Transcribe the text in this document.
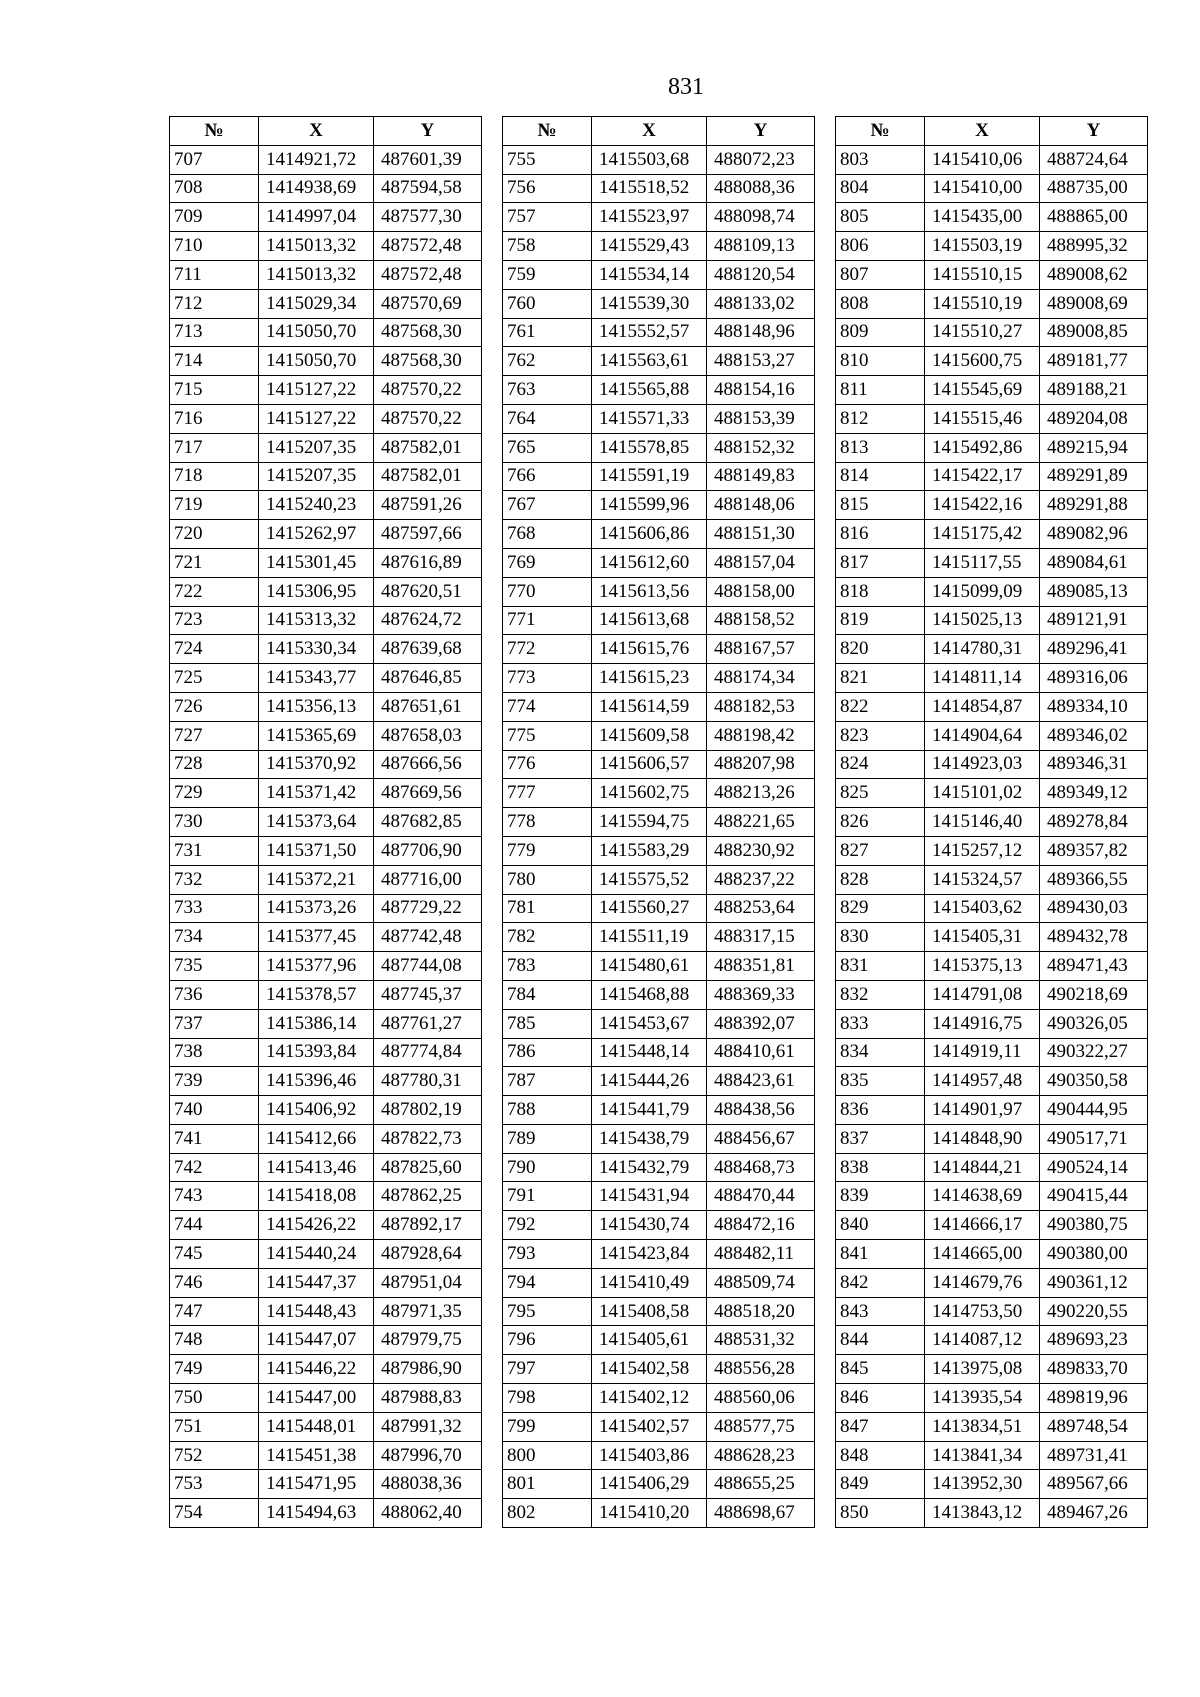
831
№	X	Y
707	1414921,72	487601,39
708	1414938,69	487594,58
709	1414997,04	487577,30
710	1415013,32	487572,48
711	1415013,32	487572,48
712	1415029,34	487570,69
713	1415050,70	487568,30
714	1415050,70	487568,30
715	1415127,22	487570,22
716	1415127,22	487570,22
717	1415207,35	487582,01
718	1415207,35	487582,01
719	1415240,23	487591,26
720	1415262,97	487597,66
721	1415301,45	487616,89
722	1415306,95	487620,51
723	1415313,32	487624,72
724	1415330,34	487639,68
725	1415343,77	487646,85
726	1415356,13	487651,61
727	1415365,69	487658,03
728	1415370,92	487666,56
729	1415371,42	487669,56
730	1415373,64	487682,85
731	1415371,50	487706,90
732	1415372,21	487716,00
733	1415373,26	487729,22
734	1415377,45	487742,48
735	1415377,96	487744,08
736	1415378,57	487745,37
737	1415386,14	487761,27
738	1415393,84	487774,84
739	1415396,46	487780,31
740	1415406,92	487802,19
741	1415412,66	487822,73
742	1415413,46	487825,60
743	1415418,08	487862,25
744	1415426,22	487892,17
745	1415440,24	487928,64
746	1415447,37	487951,04
747	1415448,43	487971,35
748	1415447,07	487979,75
749	1415446,22	487986,90
750	1415447,00	487988,83
751	1415448,01	487991,32
752	1415451,38	487996,70
753	1415471,95	488038,36
754	1415494,63	488062,40
№	X	Y
755	1415503,68	488072,23
756	1415518,52	488088,36
757	1415523,97	488098,74
758	1415529,43	488109,13
759	1415534,14	488120,54
760	1415539,30	488133,02
761	1415552,57	488148,96
762	1415563,61	488153,27
763	1415565,88	488154,16
764	1415571,33	488153,39
765	1415578,85	488152,32
766	1415591,19	488149,83
767	1415599,96	488148,06
768	1415606,86	488151,30
769	1415612,60	488157,04
770	1415613,56	488158,00
771	1415613,68	488158,52
772	1415615,76	488167,57
773	1415615,23	488174,34
774	1415614,59	488182,53
775	1415609,58	488198,42
776	1415606,57	488207,98
777	1415602,75	488213,26
778	1415594,75	488221,65
779	1415583,29	488230,92
780	1415575,52	488237,22
781	1415560,27	488253,64
782	1415511,19	488317,15
783	1415480,61	488351,81
784	1415468,88	488369,33
785	1415453,67	488392,07
786	1415448,14	488410,61
787	1415444,26	488423,61
788	1415441,79	488438,56
789	1415438,79	488456,67
790	1415432,79	488468,73
791	1415431,94	488470,44
792	1415430,74	488472,16
793	1415423,84	488482,11
794	1415410,49	488509,74
795	1415408,58	488518,20
796	1415405,61	488531,32
797	1415402,58	488556,28
798	1415402,12	488560,06
799	1415402,57	488577,75
800	1415403,86	488628,23
801	1415406,29	488655,25
802	1415410,20	488698,67
№	X	Y
803	1415410,06	488724,64
804	1415410,00	488735,00
805	1415435,00	488865,00
806	1415503,19	488995,32
807	1415510,15	489008,62
808	1415510,19	489008,69
809	1415510,27	489008,85
810	1415600,75	489181,77
811	1415545,69	489188,21
812	1415515,46	489204,08
813	1415492,86	489215,94
814	1415422,17	489291,89
815	1415422,16	489291,88
816	1415175,42	489082,96
817	1415117,55	489084,61
818	1415099,09	489085,13
819	1415025,13	489121,91
820	1414780,31	489296,41
821	1414811,14	489316,06
822	1414854,87	489334,10
823	1414904,64	489346,02
824	1414923,03	489346,31
825	1415101,02	489349,12
826	1415146,40	489278,84
827	1415257,12	489357,82
828	1415324,57	489366,55
829	1415403,62	489430,03
830	1415405,31	489432,78
831	1415375,13	489471,43
832	1414791,08	490218,69
833	1414916,75	490326,05
834	1414919,11	490322,27
835	1414957,48	490350,58
836	1414901,97	490444,95
837	1414848,90	490517,71
838	1414844,21	490524,14
839	1414638,69	490415,44
840	1414666,17	490380,75
841	1414665,00	490380,00
842	1414679,76	490361,12
843	1414753,50	490220,55
844	1414087,12	489693,23
845	1413975,08	489833,70
846	1413935,54	489819,96
847	1413834,51	489748,54
848	1413841,34	489731,41
849	1413952,30	489567,66
850	1413843,12	489467,26
